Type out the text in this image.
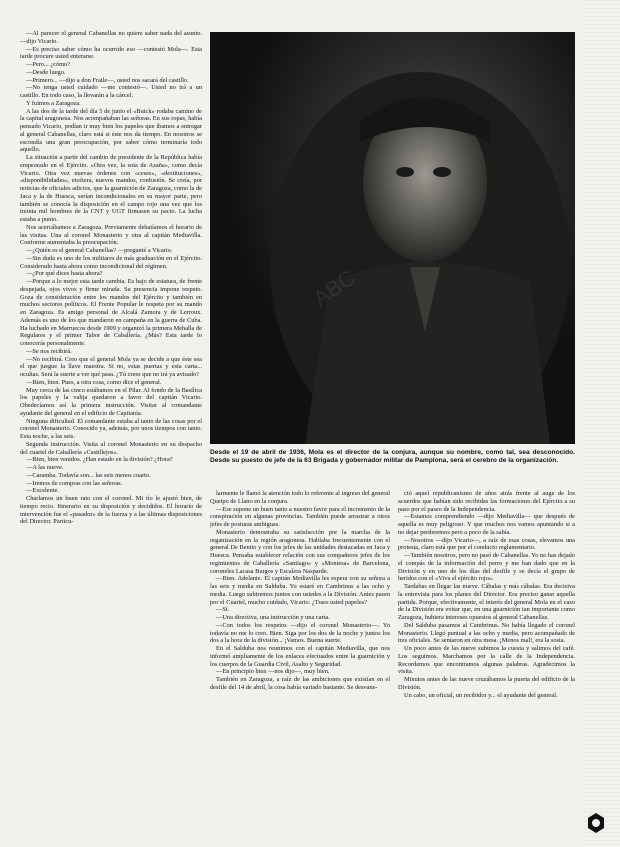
—Al parecer el general Cabanellas no quiere saber nada del asunto. —dijo Vicario.

—Es preciso saber cómo ha ocurrido eso —contestó Mola—. Esta tarde procure usted enterarse.

—Pero... ¿cómo?

—Desde luego.

—Primero... —dijo a don Fraile—, usted nos sacará del castillo.

—No tenga usted cuidado —me contestó—. Usted no irá a un castillo. En todo caso, la llevarán a la cárcel.

Y fuimos a Zaragoza.

A las dos de la tarde del día 5 de junio el «Buick» rodaba camino de la capital aragonesa. Nos acompañaban las señoras. En sus ropas, había pensado Vicario, podían ir muy bien los papeles que íbamos a entregar al general Cabanellas, claro está si éste nos da tiempo. En nosotros se escondía una gran preocupación, por saber cómo terminaría todo aquello.

La situación a partir del cambio de presidente de la República había empeorado en el Ejército. «Otra vez, la sota de Azaña», como decía Vicario. Otra vez nuevas órdenes con «ceses», «destituciones», «disponibilidades», etcétera, nuevos mandos, confusión. Se creía, por noticias de oficiales adictos, que la guarnición de Zaragoza, como la de Jaca y la de Huesca, serían incondicionales en su mayor parte, pero también se conocía la disposición en el campo rojo una vez que los treinta mil hombres de la CNT y UGT firmasen su pacto. La lucha estaba a punto.

Nos acercábamos a Zaragoza. Previamente debatíamos el horario de las visitas. Una al coronel Monasterio y otra al capitán Mediavilla. Conforme aumentaba la preocupación.

—¿Quién es el general Cabanellas? —pregunté a Vicario.

—Sin duda es uno de los militares de más graduación en el Ejército. Considerado hasta ahora como incondicional del régimen.

—¿Por qué dices hasta ahora?

—Porque a lo mejor esta tarde cambia. Es bajo de estatura, de frente despejada, ojos vivos y firme mirada. Su presencia impone respeto. Goza de consideración entre los mandos del Ejército y también en muchos sectores políticos. El Frente Popular le respeta por su mando en Zaragoza. Es amigo personal de Alcalá Zamora y de Lerroux. Además es uno de los que mandaron en campaña en la guerra de Cuba. Ha luchado en Marruecos desde 1909 y organizó la primera Mehalla de Regulares y el primer Tabor de Caballería. ¿Más? Esta tarde lo conocerás personalmente.

—Se nos recibirá.

—No recibirá. Creo que el general Mola ya se decide a que éste sea el que juegue la llave maestra. Si no, estas puertas y esta carta... ocultas. Será la suerte a ver qué pasa. ¿Tú crees que no irá ya avisado?

—Bien, bien. Pues, a otra cosa, como dice el general.

Muy cerca de las cinco estábamos en el Pilar. Al fondo de la Basílica los papeles y la valija quedaron a favor del capitán Vicario. Obedecíamos así la primera instrucción. Visitar al comandante ayudante del general en el edificio de Capitanía.

Ninguna dificultad. El comandante estaba al tanto de las cosas por el coronel Monasterio. Conocido ya, además, por unos tiempos con tanto. Esta noche, a las seis.

Segunda instrucción. Visita al coronel Monasterio en su despacho del cuartel de Caballería «Castillejos».

—Bien, bien venidos. ¿Han estado en la división? ¿Hora?

—A las nueve.

—Caramba. Todavía son... las seis menos cuarto.

—Iremos de compras con las señoras.

—Excelente.

Charlamos un buen rato con el coronel. Mi tío le ajustó bien, de tiempo recio. Itinerario en su disposición y decididos. El horario de intervención fue el «pasador» de la fuerza y a las últimas disposiciones del Director. Particu-

ABC
Desde el 19 de abril de 1936, Mola es el director de la conjura, aunque su nombre, como tal, sea desconocido. Desde su puesto de jefe de la 63 Brigada y gobernador militar de Pamplona, será el cerebro de la organización.

larmente le llamó la atención todo lo referente al ingreso del general Queipo de Llano en la conjura.

—Ese supone un buen tanto a nuestro favor para el incremento de la conspiración en algunas provincias. También puede arrastrar a otros jefes de posturas ambiguas.

Monasterio demostraba su satisfacción por la marcha de la organización en la región aragonesa. Hablaba frecuentemente con el general De Benito y con los jefes de las unidades destacadas en Jaca y Huesca. Pensaba establecer relación con sus compañeros jefes de los regimientos de Caballería «Santiago» y «Montesa» de Barcelona, coroneles Lacasa Burgos y Escalera Nasparde.

—Bien. Adelante. El capitán Mediavilla les espera con su señora a las seis y media en Salduba. Yo estaré en Cambrinus a las ocho y media. Luego subiremos juntos con ustedes a la División. Antes pasen por el Cuartel, mucho cuidado, Vicario. ¿Traes usted papeles?

—Sí.

—Una directiva, una instrucción y una carta.

—Con todos los respetos —dijo el coronel Monasterio—. Yo todavía no me lo creo. Bien. Siga por los dos de la noche y juntos los dos a la hora de la división... ¡Vamos. Buena suerte.

En el Salduba nos reunimos con el capitán Mediavilla, que nos informó ampliamente de los enlaces efectuados entre la guarnición y los cuerpos de la Guardia Civil, Asalto y Seguridad.

—En principio bien —nos dijo—, muy bien.

También en Zaragoza, a raíz de las ambiciones que existían en el desfile del 14 de abril, la cosa había variado bastante. Se desvane-

ció aquel republicanismo de años atrás frente al auge de los acuerdos que habían sido recibidas las formaciones del Ejército a su paso por el paseo de la Independencia.

—Estamos comprendiendo —dijo Mediavilla— que después de aquella es muy peligroso. Y que muchos nos vamos apuntando si a no dejar perderemos pero a poco de la sabía.

—Nosotros —dijo Vicario—, a raíz de esas cosas, elevamos una protesta, claro está que por el conducto reglamentario.

—También nosotros, pero no pasó de Cabanellas. Yo no has dejado el compás de la información del perro y me han dado que en la División y en uno de los días del desfile y se decía el grupo de heridos con el «Viva el ejército rojo».

Tardabas en llegar las nueve. Cábalas y más cábalas. Era decisiva la entrevista para los planes del Director. Era preciso ganar aquella partida. Porque, efectivamente, el interés del general Mola en el caso de la División era evitar que, en una guarnición tan importante como Zaragoza, hubiera intereses opuestos al general Cabanellas.

Del Salduba pasamos al Cambrinus. No había llegado el coronel Monasterio. Llegó puntual a las ocho y media, pero acompañado de tres oficiales. Se sentaron en otra mesa. ¡Menos mal!, era la sosta.

Un poco antes de las nueve subimos la cuesta y salimos del café. Los seguimos. Marchamos por la calle de la Independencia. Recordemos que encontramos algunas palabras. Agradecimos la visita.

Minutos antes de las nueve cruzábamos la puerta del edificio de la División.

Un cabo, un oficial, un recibidor y... el ayudante del general.
